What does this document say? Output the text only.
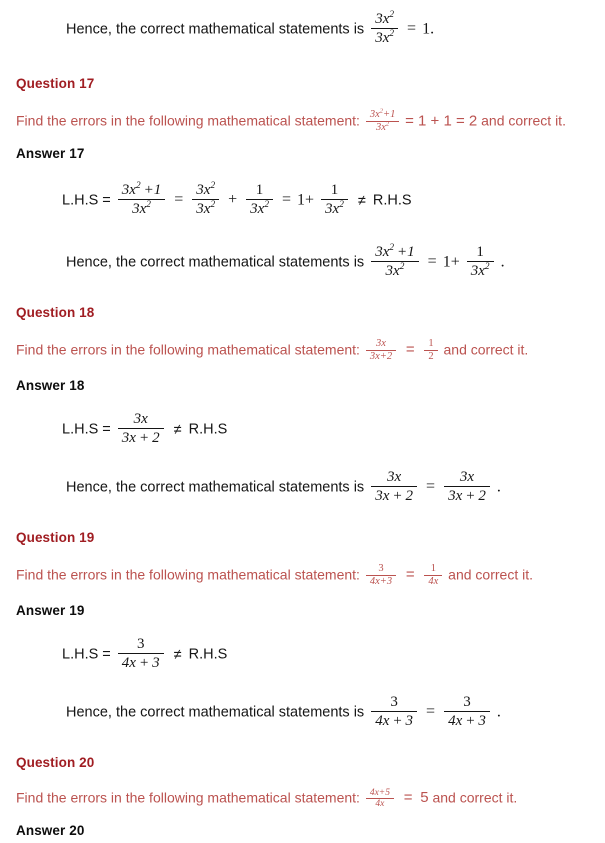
Hence, the correct mathematical statements is $\frac{3x^2}{3x^2} = 1$.
Question 17
Find the errors in the following mathematical statement: $\frac{3x^2+1}{3x^2} = 1 + 1 = 2$ and correct it.
Answer 17
$L.H.S = \frac{3x^2 +1}{3x^2} = \frac{3x^2}{3x^2} + \frac{1}{3x^2} = 1+ \frac{1}{3x^2} \ne R.H.S$
Hence, the correct mathematical statements is $\frac{3x^2 +1}{3x^2} = 1+ \frac{1}{3x^2}$ .
Question 18
Find the errors in the following mathematical statement: $\frac{3x}{3x+2} = \frac{1}{2}$ and correct it.
Answer 18
$L.H.S = \frac{3x}{3x + 2} \ne R.H.S$
Hence, the correct mathematical statements is $\frac{3x}{3x + 2} = \frac{3x}{3x + 2}$ .
Question 19
Find the errors in the following mathematical statement: $\frac{3}{4x+3} = \frac{1}{4x}$ and correct it.
Answer 19
$L.H.S = \frac{3}{4x + 3} \ne R.H.S$
Hence, the correct mathematical statements is $\frac{3}{4x + 3} = \frac{3}{4x + 3}$ .
Question 20
Find the errors in the following mathematical statement: $\frac{4x+5}{4x} = 5$ and correct it.
Answer 20
